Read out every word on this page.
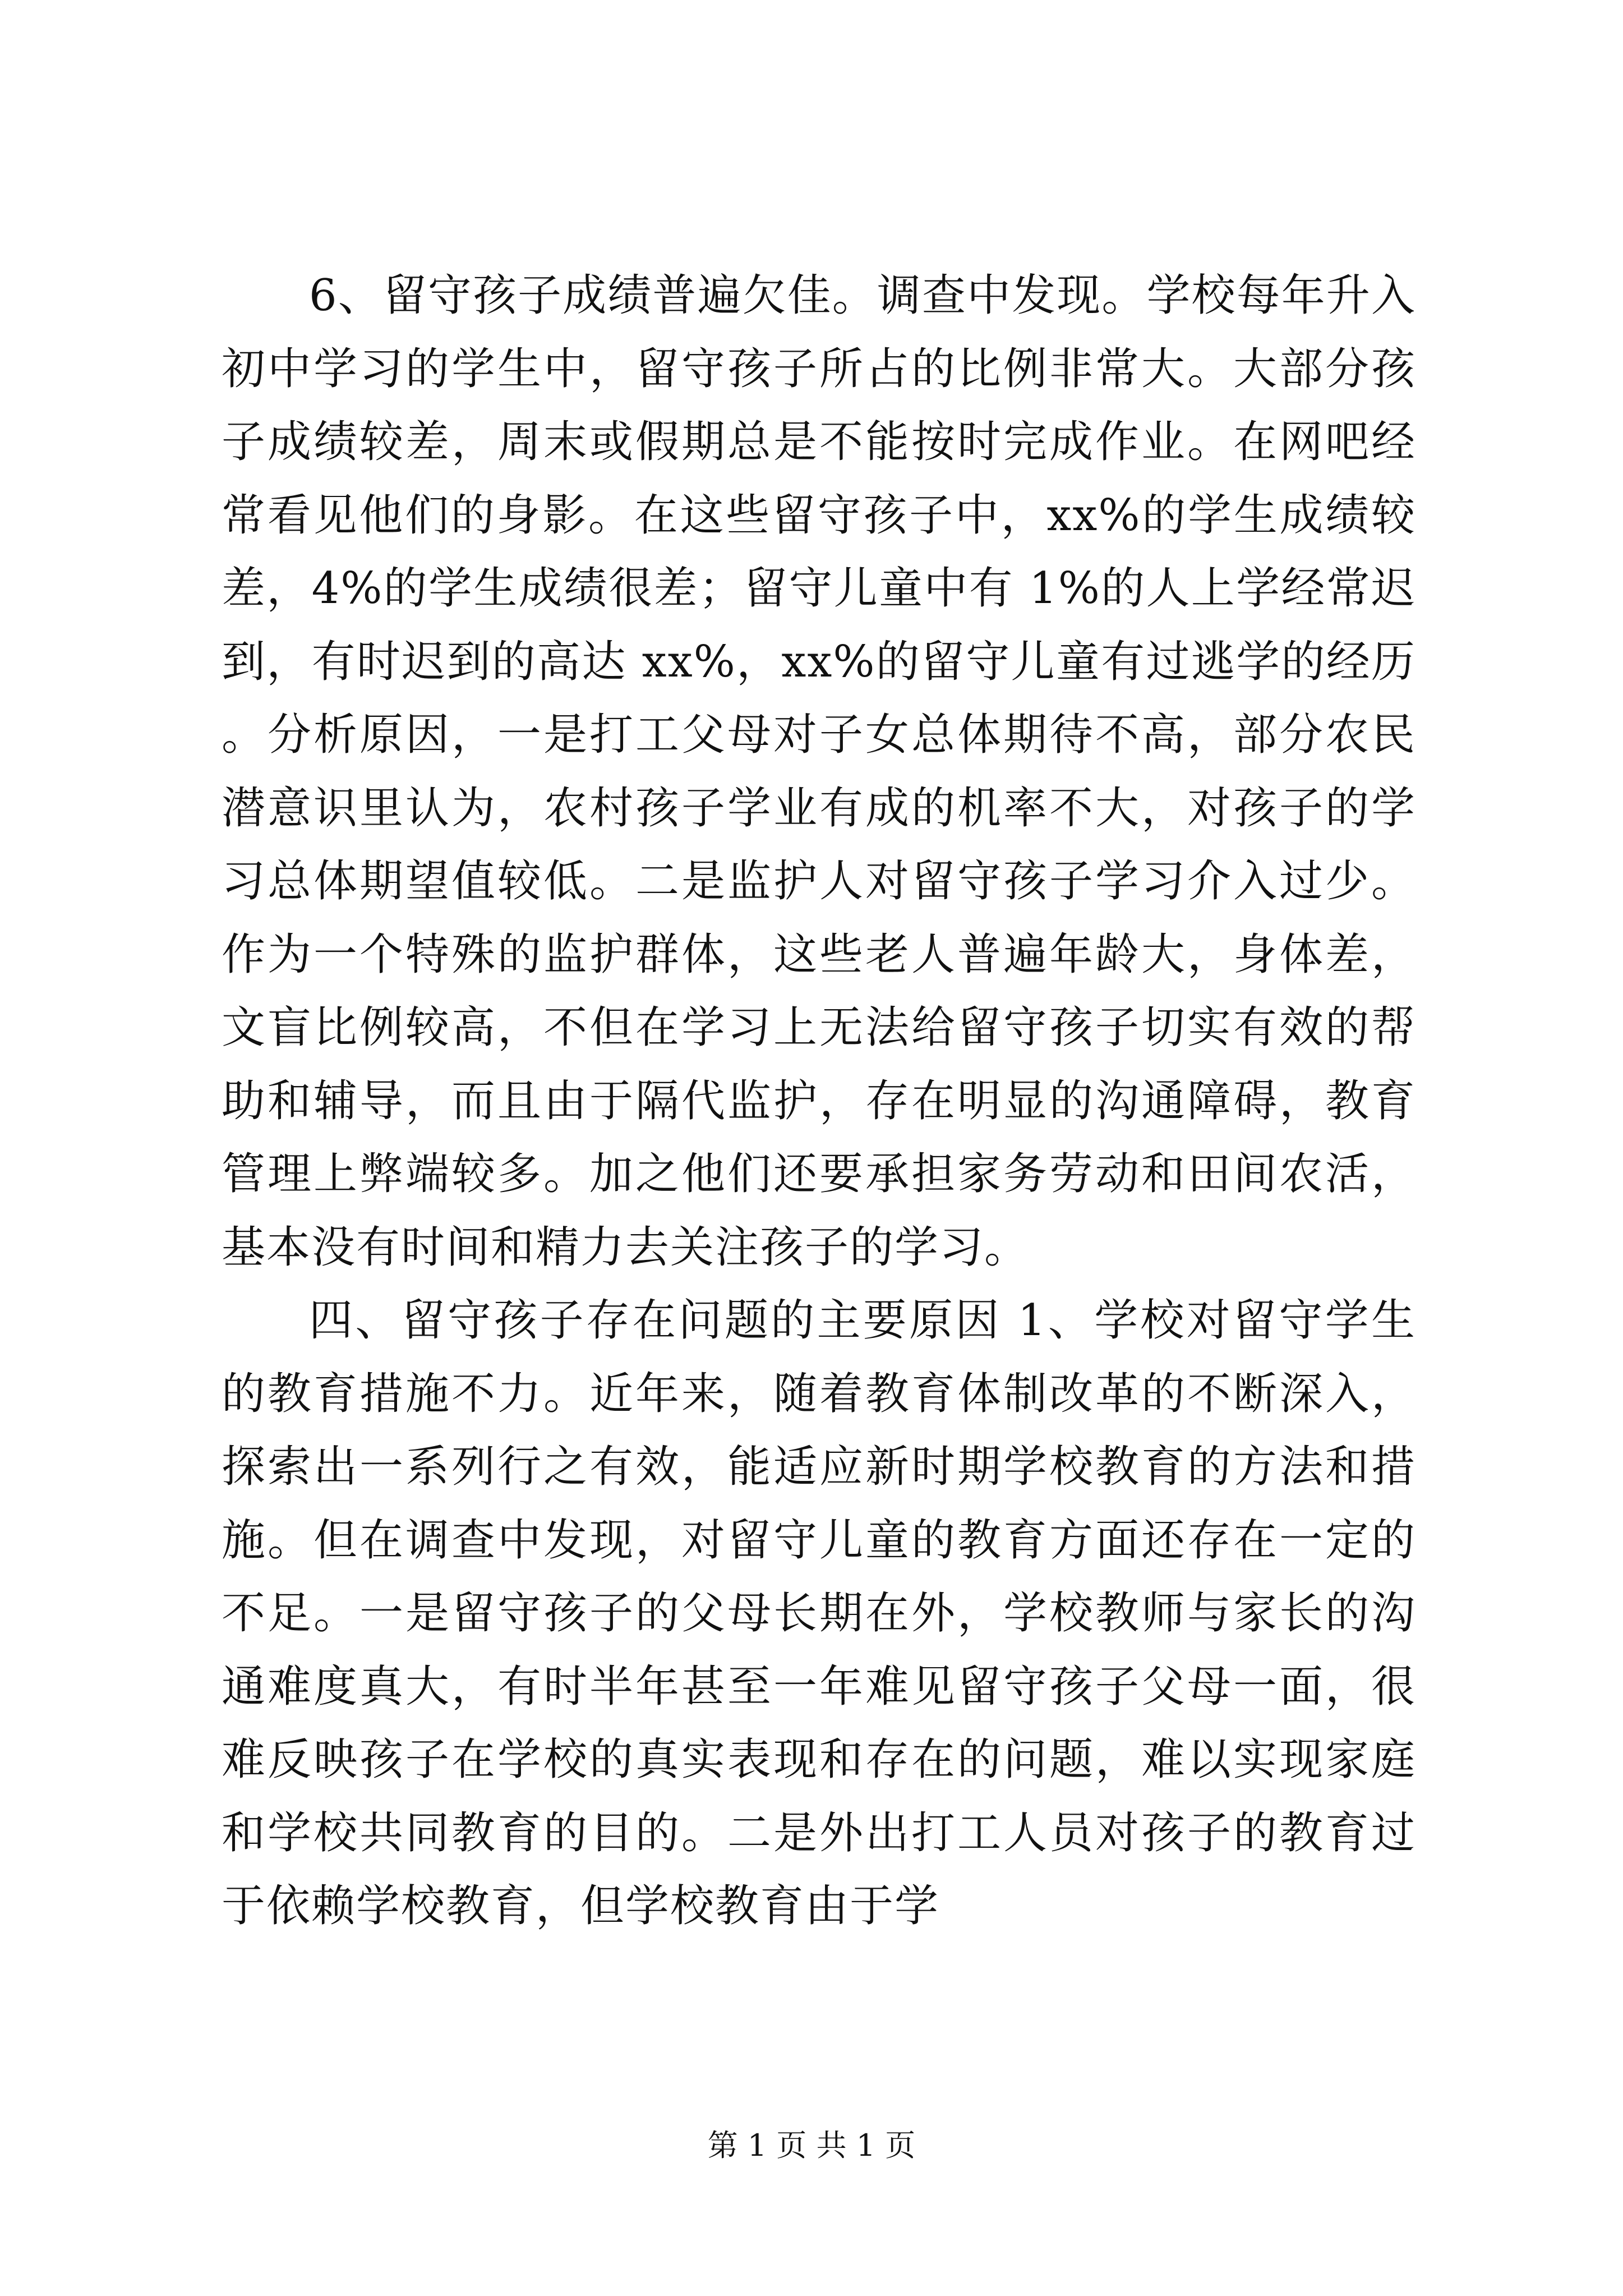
6、留守孩子成绩普遍欠佳。调查中发现。学校每年升入初中学习的学生中，留守孩子所占的比例非常大。大部分孩子成绩较差，周末或假期总是不能按时完成作业。在网吧经常看见他们的身影。在这些留守孩子中，xx%的学生成绩较差，4%的学生成绩很差；留守儿童中有 1%的人上学经常迟到，有时迟到的高达 xx%，xx%的留守儿童有过逃学的经历。分析原因，一是打工父母对子女总体期待不高，部分农民潜意识里认为，农村孩子学业有成的机率不大，对孩子的学习总体期望值较低。二是监护人对留守孩子学习介入过少。作为一个特殊的监护群体，这些老人普遍年龄大，身体差，文盲比例较高，不但在学习上无法给留守孩子切实有效的帮助和辅导，而且由于隔代监护，存在明显的沟通障碍，教育管理上弊端较多。加之他们还要承担家务劳动和田间农活，基本没有时间和精力去关注孩子的学习。

四、留守孩子存在问题的主要原因 1、学校对留守学生的教育措施不力。近年来，随着教育体制改革的不断深入，探索出一系列行之有效，能适应新时期学校教育的方法和措施。但在调查中发现，对留守儿童的教育方面还存在一定的不足。一是留守孩子的父母长期在外，学校教师与家长的沟通难度真大，有时半年甚至一年难见留守孩子父母一面，很难反映孩子在学校的真实表现和存在的问题，难以实现家庭和学校共同教育的目的。二是外出打工人员对孩子的教育过于依赖学校教育，但学校教育由于学

第 1 页 共 1 页
